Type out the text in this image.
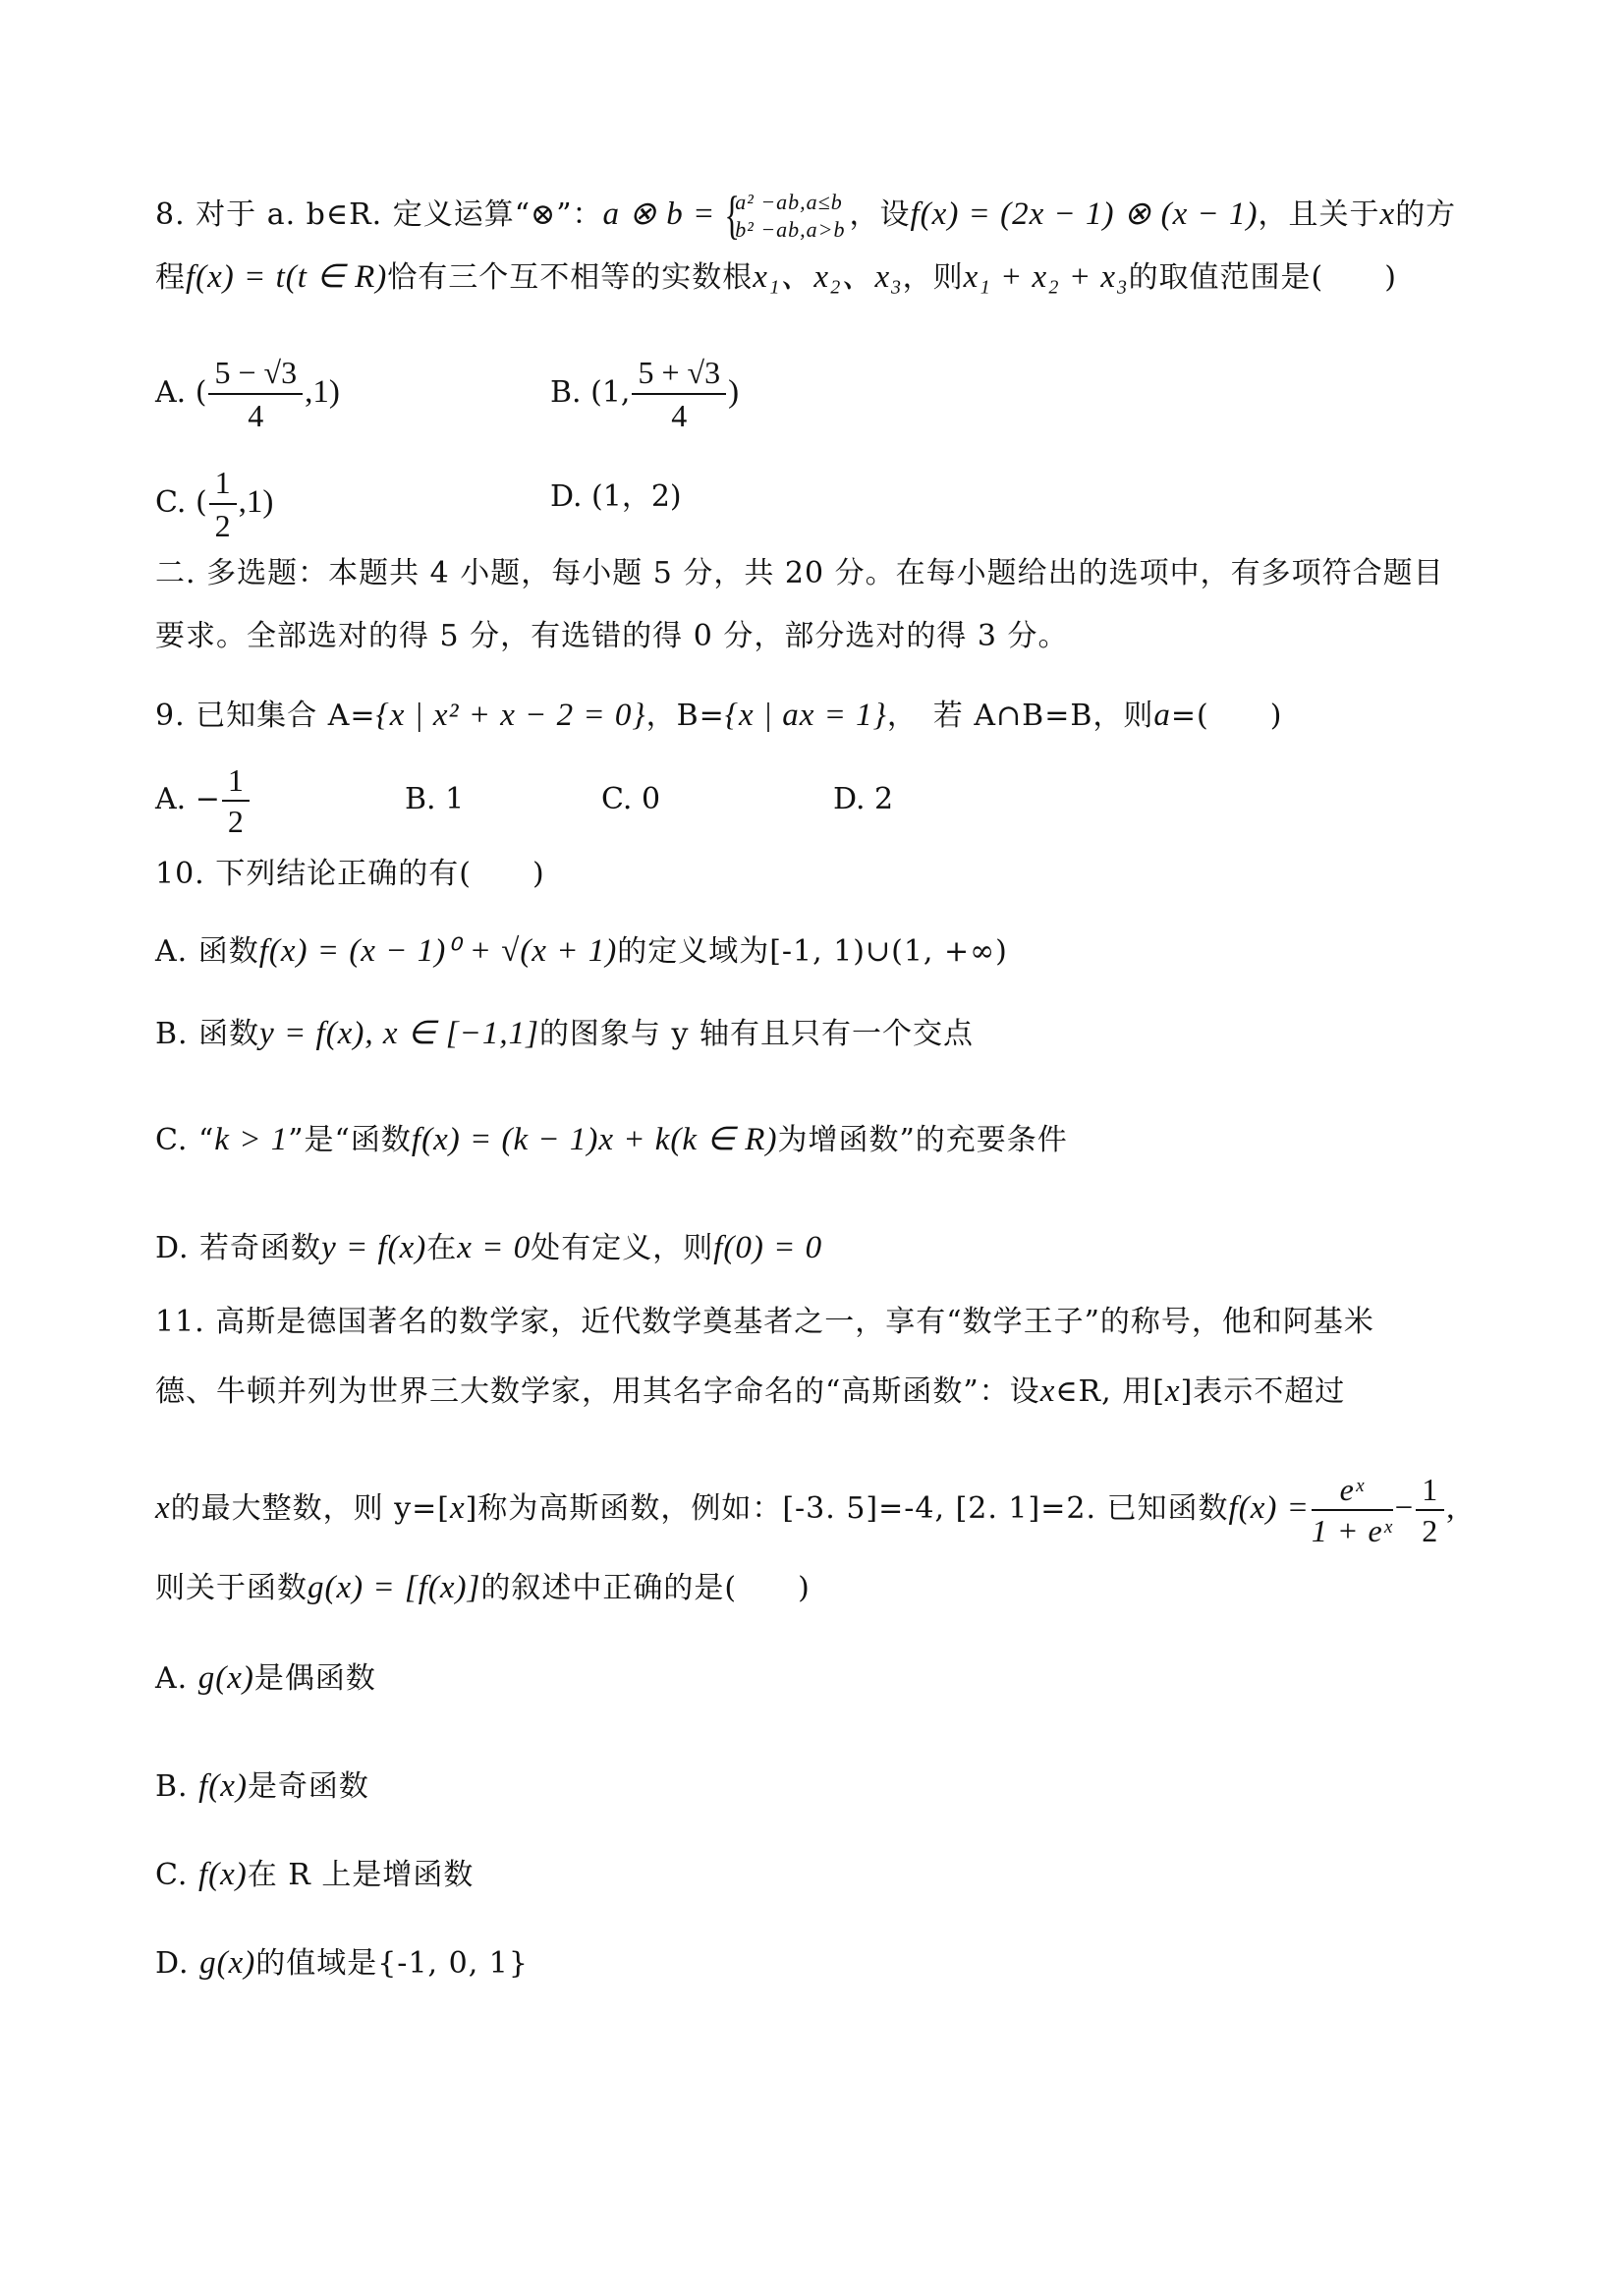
8. 对于 a. b∈R. 定义运算“⊗”：a ⊗ b = {
a² −ab,a≤b
b² −ab,a>b ，设f(x) = (2x − 1) ⊗ (x − 1)，且关于x的方
程f(x) = t(t ∈ R)恰有三个互不相等的实数根x₁、x₂、x₃，则x₁ + x₂ + x₃的取值范围是(　　)
A. ( $\frac{5 - √3}{4} ,1$)	B. (1, $\frac{5 + √3}{4}$ )
C. ( $\frac{1}{2} ,1$)	D. (1，2)
二. 多选题：本题共 4 小题，每小题 5 分，共 20 分。在每小题给出的选项中，有多项符合题目
要求。全部选对的得 5 分，有选错的得 0 分，部分选对的得 3 分。
9. 已知集合 A={x | x² + x − 2 = 0}，B={x | ax = 1}，　若 A∩B=B，则a=(　　)
A. − $\frac{1}{2}$	B. 1	C. 0	D. 2
10. 下列结论正确的有(　　)
A. 函数f(x) = (x − 1)⁰ + √(x + 1)的定义域为[-1, 1)∪(1, +∞)
B. 函数y = f(x), x ∈ [−1,1]的图象与 y 轴有且只有一个交点
C. “k > 1”是“函数f(x) = (k − 1)x + k(k ∈ R)为增函数”的充要条件
D. 若奇函数y = f(x)在x = 0处有定义，则f(0) = 0
11. 高斯是德国著名的数学家，近代数学奠基者之一，享有“数学王子”的称号，他和阿基米
德、牛顿并列为世界三大数学家，用其名字命名的“高斯函数”：设x∈R, 用[x]表示不超过
x的最大整数，则 y=[x]称为高斯函数，例如：[-3. 5]=-4, [2. 1]=2. 已知函数$f(x) = \frac{\text{eˣ}}{\text{1 + eˣ}} - \frac{1}{2}$ ,
则关于函数g(x) = [f(x)]的叙述中正确的是(　　)
A. g(x)是偶函数
B. f(x)是奇函数
C. f(x)在 R 上是增函数
D. g(x)的值域是{-1, 0, 1}
